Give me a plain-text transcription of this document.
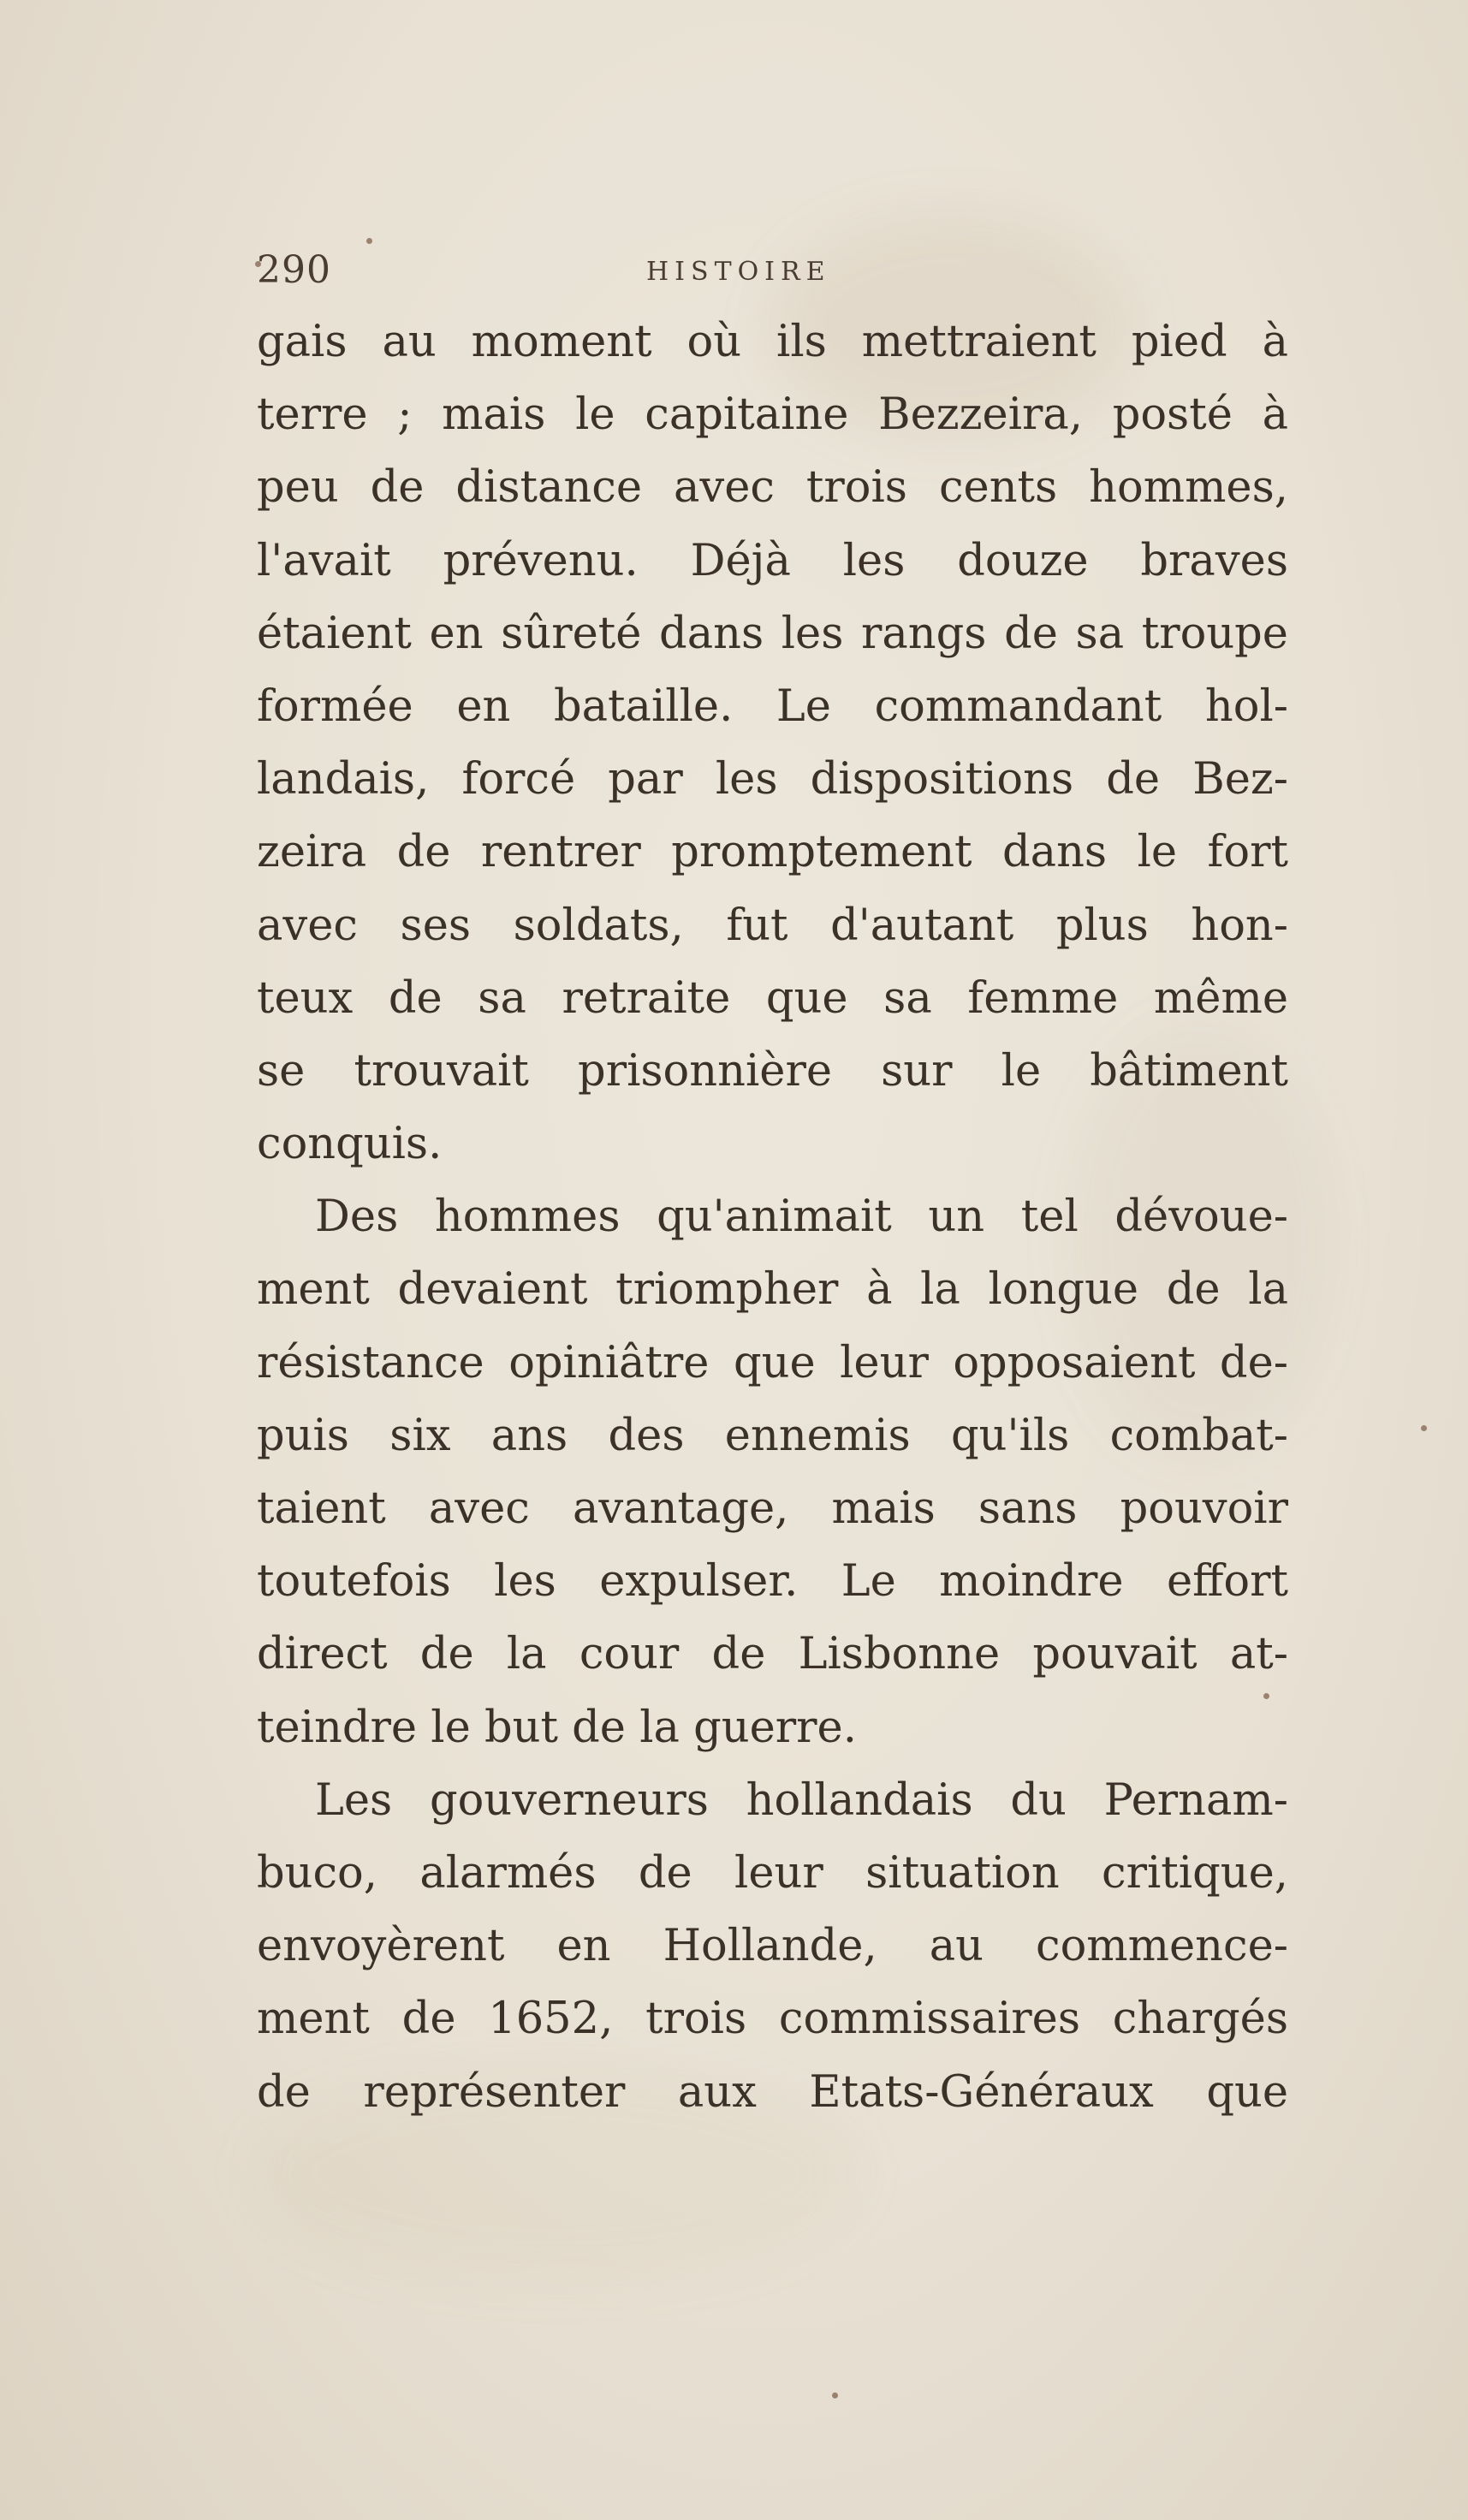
290	HISTOIRE
gais au moment où ils mettraient pied à
terre ; mais le capitaine Bezzeira, posté à
peu de distance avec trois cents hommes,
l'avait prévenu. Déjà les douze braves
étaient en sûreté dans les rangs de sa troupe
formée en bataille. Le commandant hol-
landais, forcé par les dispositions de Bez-
zeira de rentrer promptement dans le fort
avec ses soldats, fut d'autant plus hon-
teux de sa retraite que sa femme même
se trouvait prisonnière sur le bâtiment
conquis.
Des hommes qu'animait un tel dévoue-
ment devaient triompher à la longue de la
résistance opiniâtre que leur opposaient de-
puis six ans des ennemis qu'ils combat-
taient avec avantage, mais sans pouvoir
toutefois les expulser. Le moindre effort
direct de la cour de Lisbonne pouvait at-
teindre le but de la guerre.
Les gouverneurs hollandais du Pernam-
buco, alarmés de leur situation critique,
envoyèrent en Hollande, au commence-
ment de 1652, trois commissaires chargés
de représenter aux Etats-Généraux que
